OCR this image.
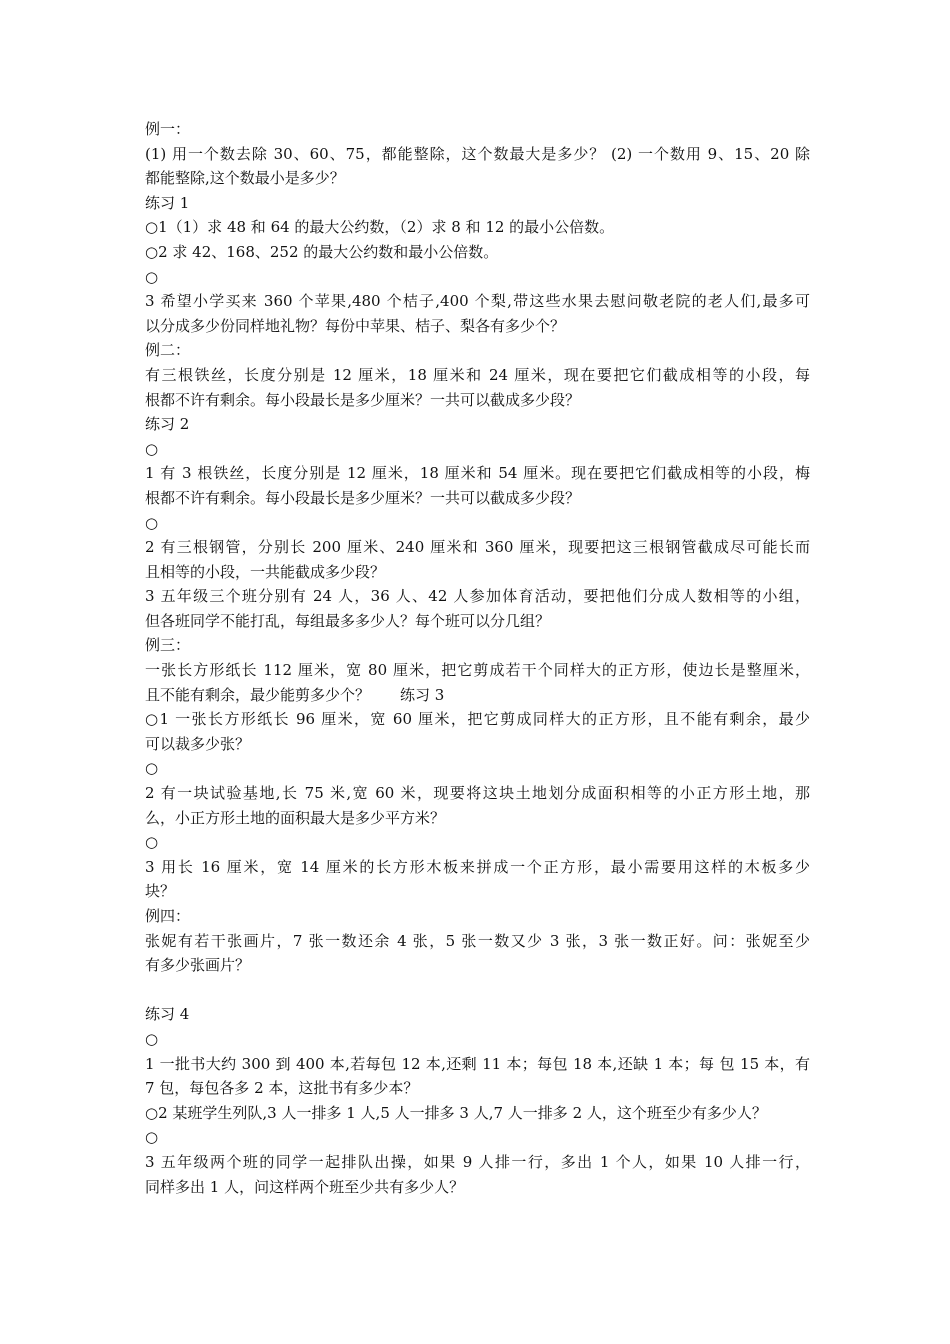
例一：
(1) 用一个数去除 30、60、75，都能整除，这个数最大是多少？ (2) 一个数用 9、15、20 除
都能整除,这个数最小是多少？
练习 1
○1（1）求 48 和 64 的最大公约数，（2）求 8 和 12 的最小公倍数。
○2 求 42、168、252 的最大公约数和最小公倍数。
○
3 希望小学买来 360 个苹果,480 个桔子,400 个梨,带这些水果去慰问敬老院的老人们,最多可
以分成多少份同样地礼物？每份中苹果、桔子、梨各有多少个？
例二：
有三根铁丝，长度分别是 12 厘米，18 厘米和 24 厘米，现在要把它们截成相等的小段，每
根都不许有剩余。每小段最长是多少厘米？一共可以截成多少段？
练习 2
○
1 有 3 根铁丝，长度分别是 12 厘米，18 厘米和 54 厘米。现在要把它们截成相等的小段，梅
根都不许有剩余。每小段最长是多少厘米？一共可以截成多少段？
○
2 有三根钢管，分别长 200 厘米、240 厘米和 360 厘米，现要把这三根钢管截成尽可能长而
且相等的小段，一共能截成多少段？
3 五年级三个班分别有 24 人，36 人、42 人参加体育活动，要把他们分成人数相等的小组，
但各班同学不能打乱，每组最多多少人？每个班可以分几组？
例三：
一张长方形纸长 112 厘米，宽 80 厘米，把它剪成若干个同样大的正方形，使边长是整厘米，
且不能有剩余，最少能剪多少个？　　练习 3
○1 一张长方形纸长 96 厘米，宽 60 厘米，把它剪成同样大的正方形，且不能有剩余，最少
可以裁多少张？
○
2 有一块试验基地,长 75 米,宽 60 米，现要将这块土地划分成面积相等的小正方形土地，那
么，小正方形土地的面积最大是多少平方米？
○
3 用长 16 厘米，宽 14 厘米的长方形木板来拼成一个正方形，最小需要用这样的木板多少
块？
例四：
张妮有若干张画片，7 张一数还余 4 张，5 张一数又少 3 张，3 张一数正好。问：张妮至少
有多少张画片？
练习 4
○
1 一批书大约 300 到 400 本,若每包 12 本,还剩 11 本；每包 18 本,还缺 1 本；每 包 15 本，有
7 包，每包各多 2 本，这批书有多少本？
○2 某班学生列队,3 人一排多 1 人,5 人一排多 3 人,7 人一排多 2 人，这个班至少有多少人？
○
3 五年级两个班的同学一起排队出操，如果 9 人排一行，多出 1 个人，如果 10 人排一行，
同样多出 1 人，问这样两个班至少共有多少人？
